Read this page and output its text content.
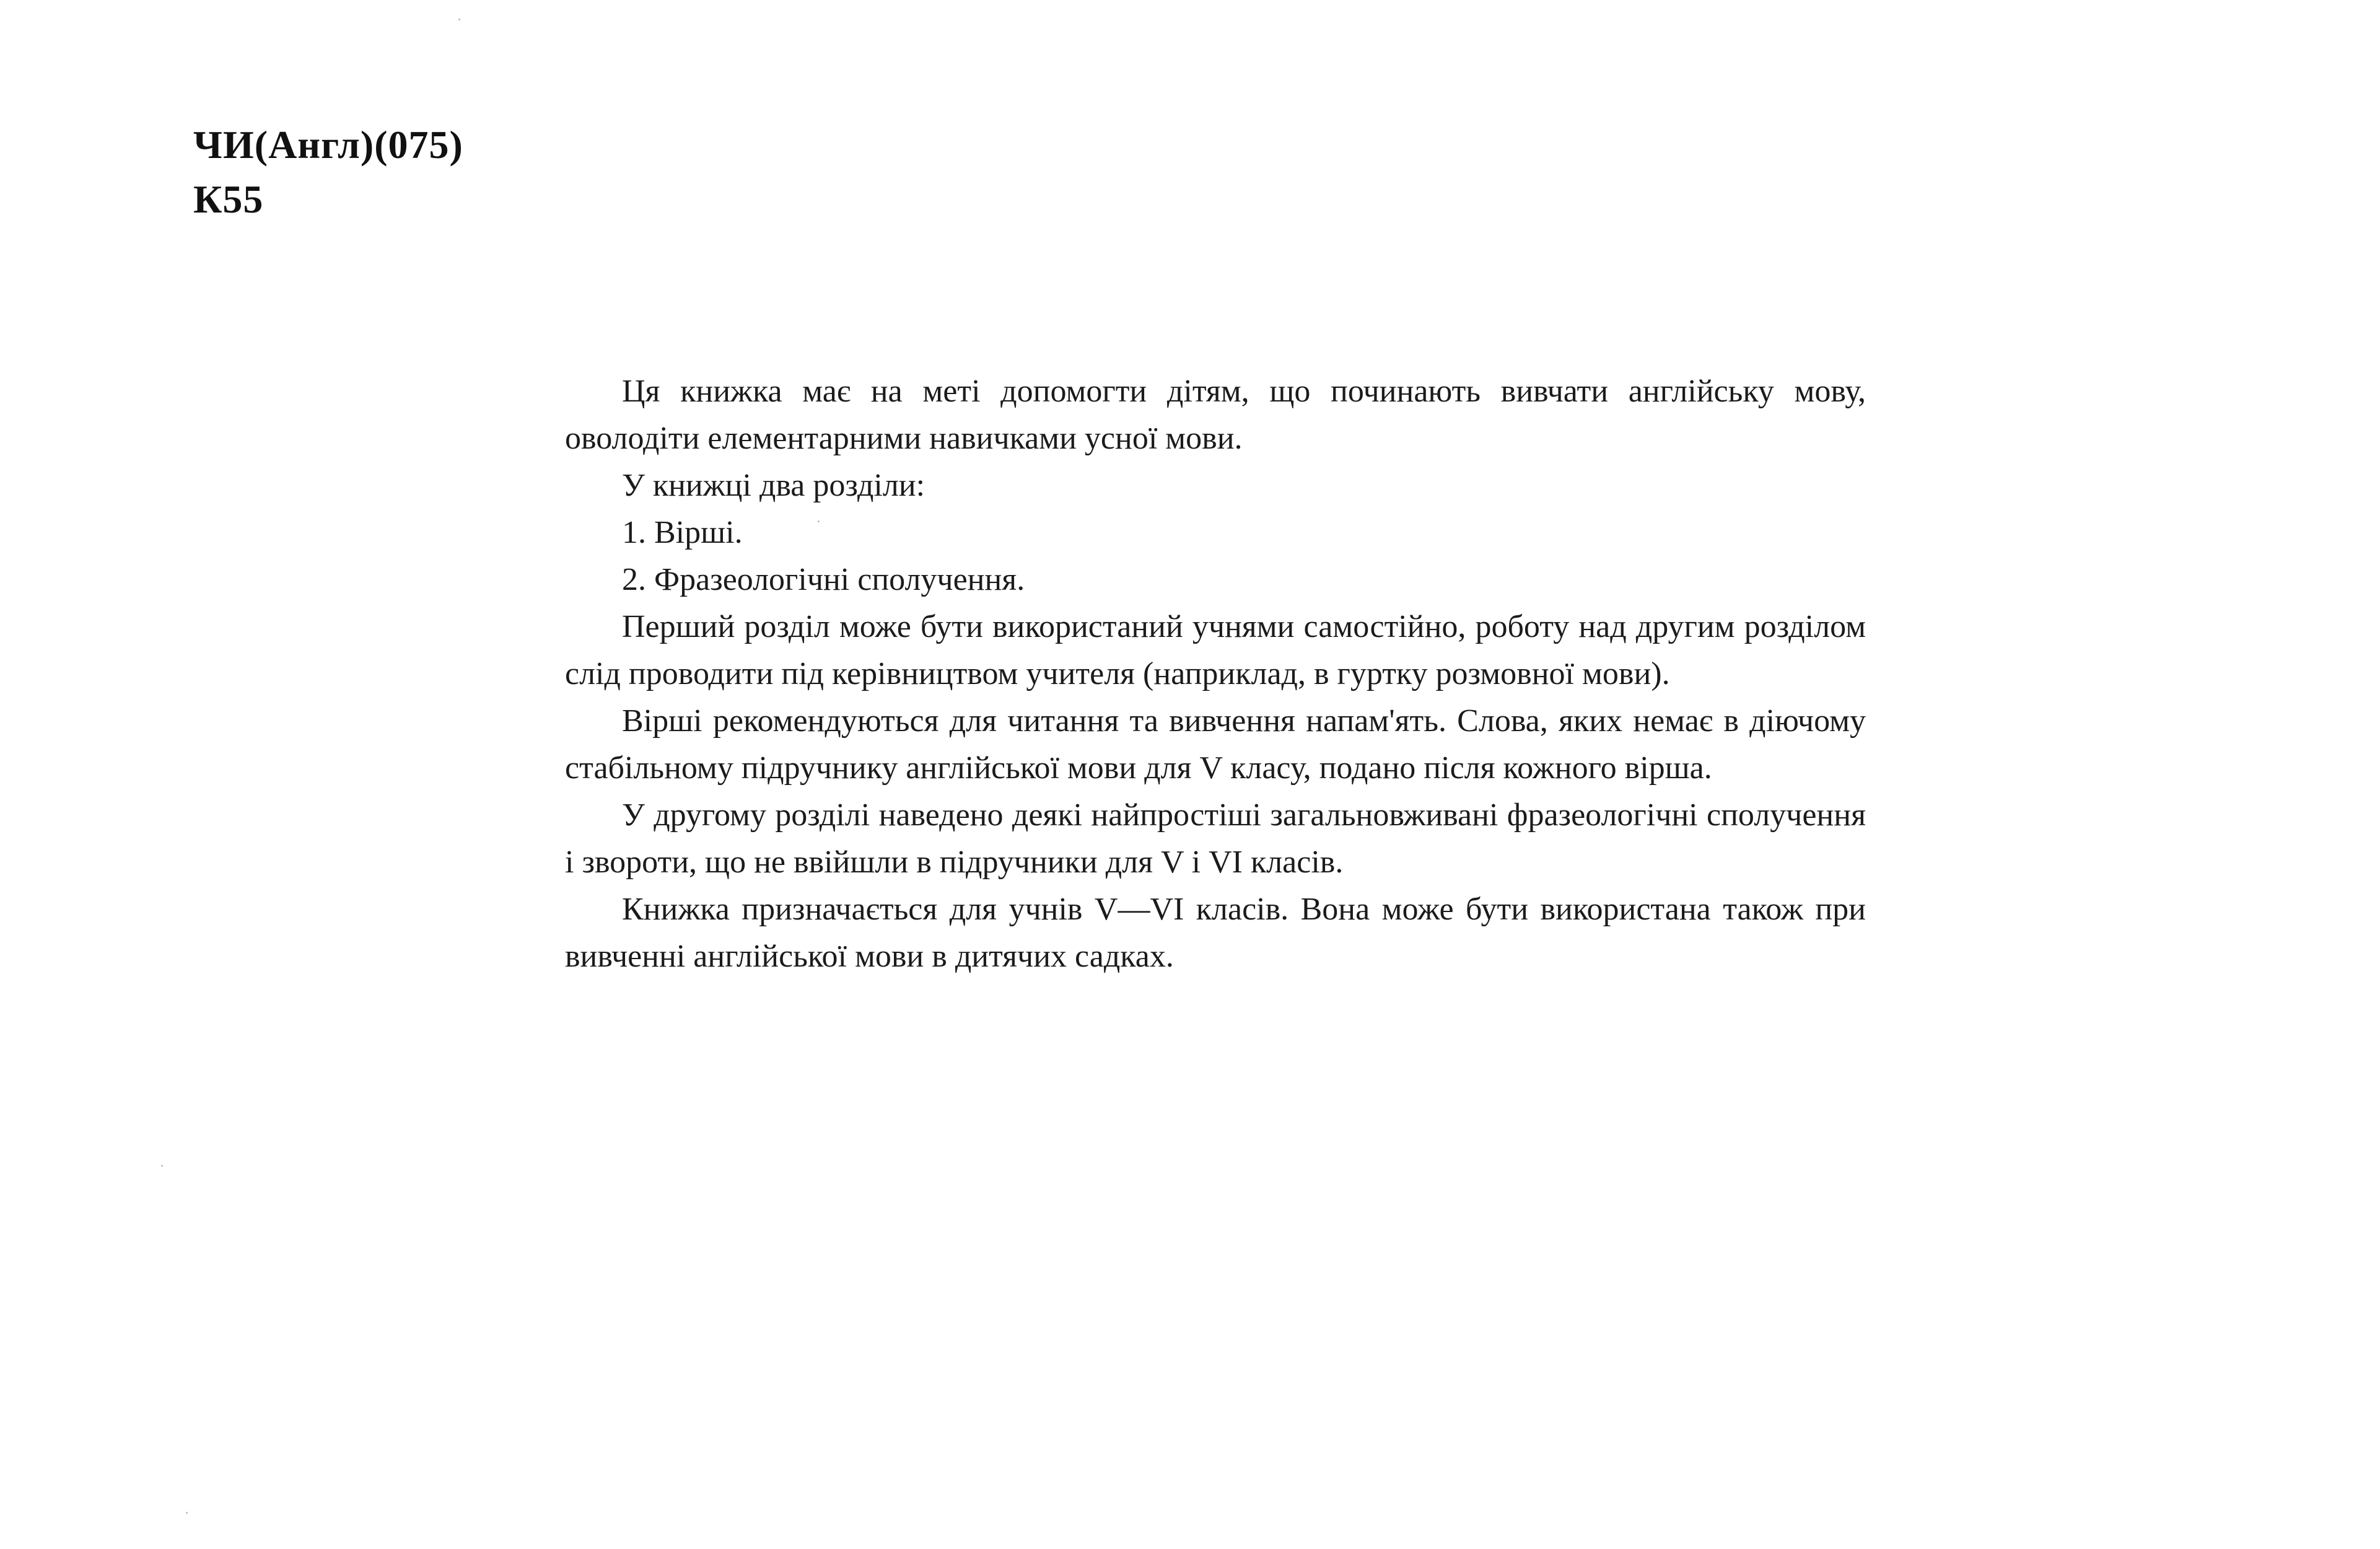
ЧИ(Англ)(075)
К55

Ця книжка має на меті допомогти дітям, що починають вивчати англійську мову, оволодіти елементарними навичками усної мови.

У книжці два розділи:

1. Вірші.

2. Фразеологічні сполучення.

Перший розділ може бути використаний учнями самостійно, роботу над другим розділом слід проводити під керівництвом учителя (наприклад, в гуртку розмовної мови).

Вірші рекомендуються для читання та вивчення напам'ять. Слова, яких немає в діючому стабільному підручнику англійської мови для V класу, подано після кожного вірша.

У другому розділі наведено деякі найпростіші загальновживані фразеологічні сполучення і звороти, що не ввійшли в підручники для V і VI класів.

Книжка призначається для учнів V—VI класів. Вона може бути використана також при вивченні англійської мови в дитячих садках.
